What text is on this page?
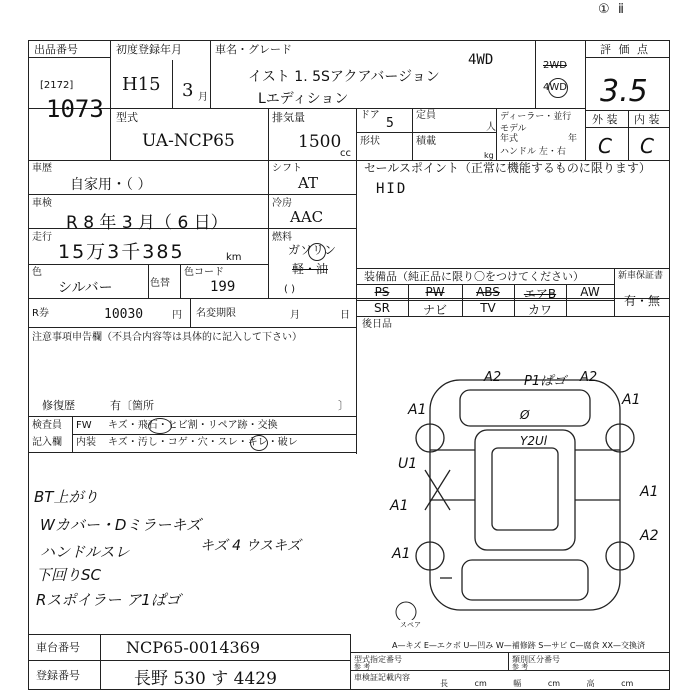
① ⅱ
出品番号
[2172]
1073
初度登録年月
H15 3 月
車名・グレード
4WD
イスト 1. 5Sアクアバージョン
Lエディション
2WD
4WD
評 価 点
3.5
外 装 内 装
C C
型式
UA-NCP65
排気量
1500
cc
ドア
5
形状
定員
人
積載
kg
ディーラー・並行
モデル
年式	年
ハンドル 左・右
車歴
自家用・（ ）
シフト
AT
車検
R 8 年 3 月（ 6 日）
冷房
AAC
走行
15万3千385	km
燃料
ガソリン
軽・油
( )
色
シルバー	色替
色コード
199
セールスポイント（正常に機能するものに限ります）
HID
装備品（純正品に限り〇をつけてください）	新車保証書
有・無
PS	PW	ABS	エアB	AW
SR	ナビ	TV	カワ
後日品
R券	10030	円 名変期限	月	日
注意事項申告欄（不具合内容等は具体的に記入して下さい）
修復歴	有〔箇所	〕
検査員
記入欄
FW キズ・飛石・ヒビ割・リペア跡・交換
内装 キズ・汚し・コゲ・穴・スレ・キレ・破レ
BT上がり
Wカバー・Dミラーキズ
ハンドルスレ	キズ 4 ウスキズ
下回りSC
Rスポイラー ア1ぱゴ
A2 P1ぱゴ A2
A1
A1
U1
A1
A1
A1
A2
Ø
Y2Ul
スペア
A—キズ E—エクボ U—凹み W—補修跡 S—サビ C—腐食 XX—交換済
車台番号	NCP65-0014369
登録番号	長野 530 す 4429
型式指定番号
参 考
類別区分番号
参 考
車検証記載内容
長 cm 幅 cm 高 cm
